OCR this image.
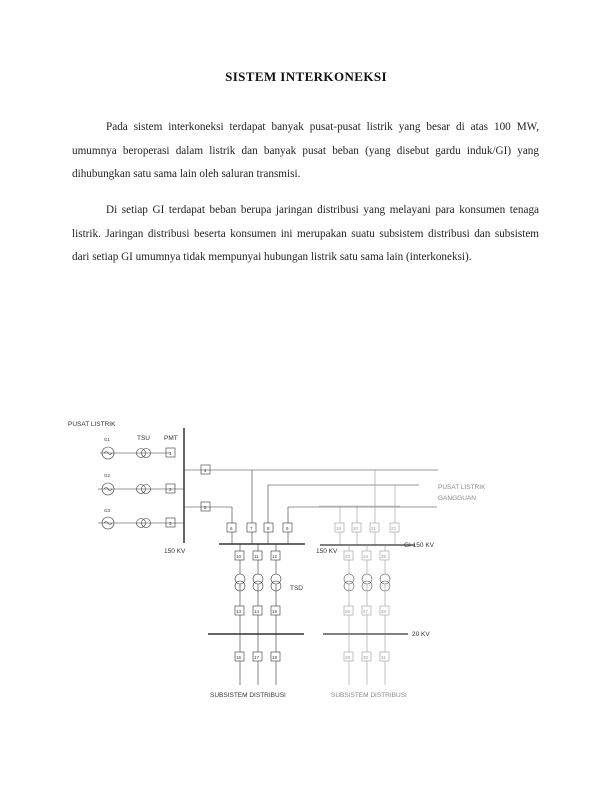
SISTEM INTERKONEKSI

Pada sistem interkoneksi terdapat banyak pusat-pusat listrik yang besar di atas 100 MW, umumnya beroperasi dalam listrik dan banyak pusat beban (yang disebut gardu induk/GI) yang dihubungkan satu sama lain oleh saluran transmisi.

Di setiap GI terdapat beban berupa jaringan distribusi yang melayani para konsumen tenaga listrik. Jaringan distribusi beserta konsumen ini merupakan suatu subsistem distribusi dan subsistem dari setiap GI umumnya tidak mempunyai hubungan listrik satu sama lain (interkoneksi).

G1
G2
G3
1
2
3
4
5
6	7	8	9
10	11	12
13	14	15
16	17	18
19	20	21	22
23	24	25
26	27	28
29	30	31
PUSAT LISTRIK
TSU PMT
150 KV	150 KV
GI 150 KV
TSD
20 KV
PUSAT LISTRIK
GANGGUAN
SUBSISTEM DISTRIBUSI	SUBSISTEM DISTRIBUSI
